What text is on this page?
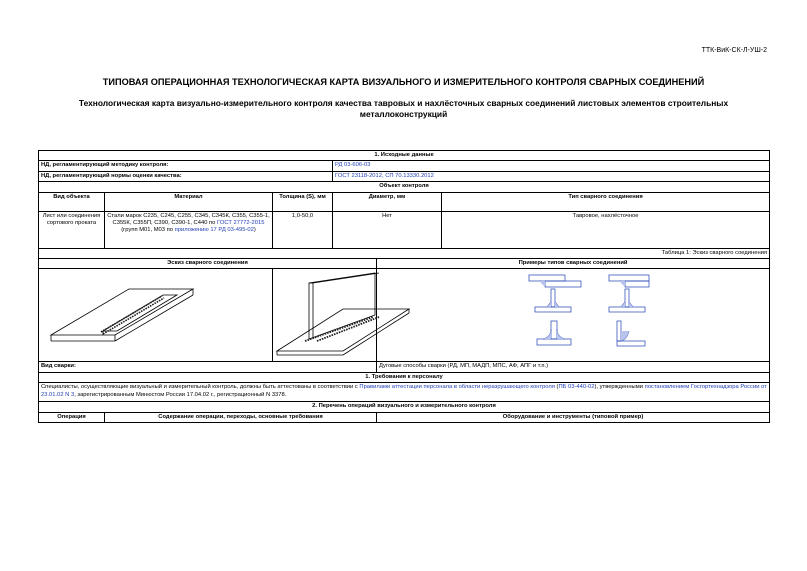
ТТК-ВиК-СК-Л-УШ-2
ТИПОВАЯ ОПЕРАЦИОННАЯ ТЕХНОЛОГИЧЕСКАЯ КАРТА ВИЗУАЛЬНОГО И ИЗМЕРИТЕЛЬНОГО КОНТРОЛЯ СВАРНЫХ СОЕДИНЕНИЙ
Технологическая карта визуально-измерительного контроля качества тавровых и нахлёсточных сварных соединений листовых элементов строительных металлоконструкций
1. Исходные данные					
НД, регламентирующий методику контроля:			РД 03-606-03		
НД, регламентирующий нормы оценки качества:			ГОСТ 23118-2012, СП 70.13330.2012		
Объект контроля					
Вид объекта	Материал	Толщина (S), мм	Диаметр, мм		Тип сварного соединения
Лист или соединения сортового проката	Стали марок С235, С245, С255, С345, С345К, С355, С355-1, С355К, С355П, С390, С390-1, С440 по ГОСТ 27772-2015 (групп М01, М03 по приложению 17 РД 03-495-02)	1,0-50,0	Нет		Тавровое, нахлёсточное
Таблица 1: Эскиз сварного соединения					
Эскиз сварного соединения				Примеры типов сварных соединений	

Вид сварки:				Дуговые способы сварки (РД, МП, МАДП, МПС, АФ, АПГ и т.п.)	
1. Требования к персоналу					
Специалисты, осуществляющие визуальный и измерительный контроль, должны быть аттестованы в соответствии с Правилами аттестации персонала в области неразрушающего контроля (ПБ 03-440-02), утвержденными постановлением Госгортехнадзора России от 23.01.02 N 3, зарегистрированным Минюстом России 17.04.02 г., регистрационный N 3378.					
2. Перечень операций визуального и измерительного контроля					
Операция	Содержание операции, переходы, основные требования			Оборудование и инструменты (типовой пример)	
